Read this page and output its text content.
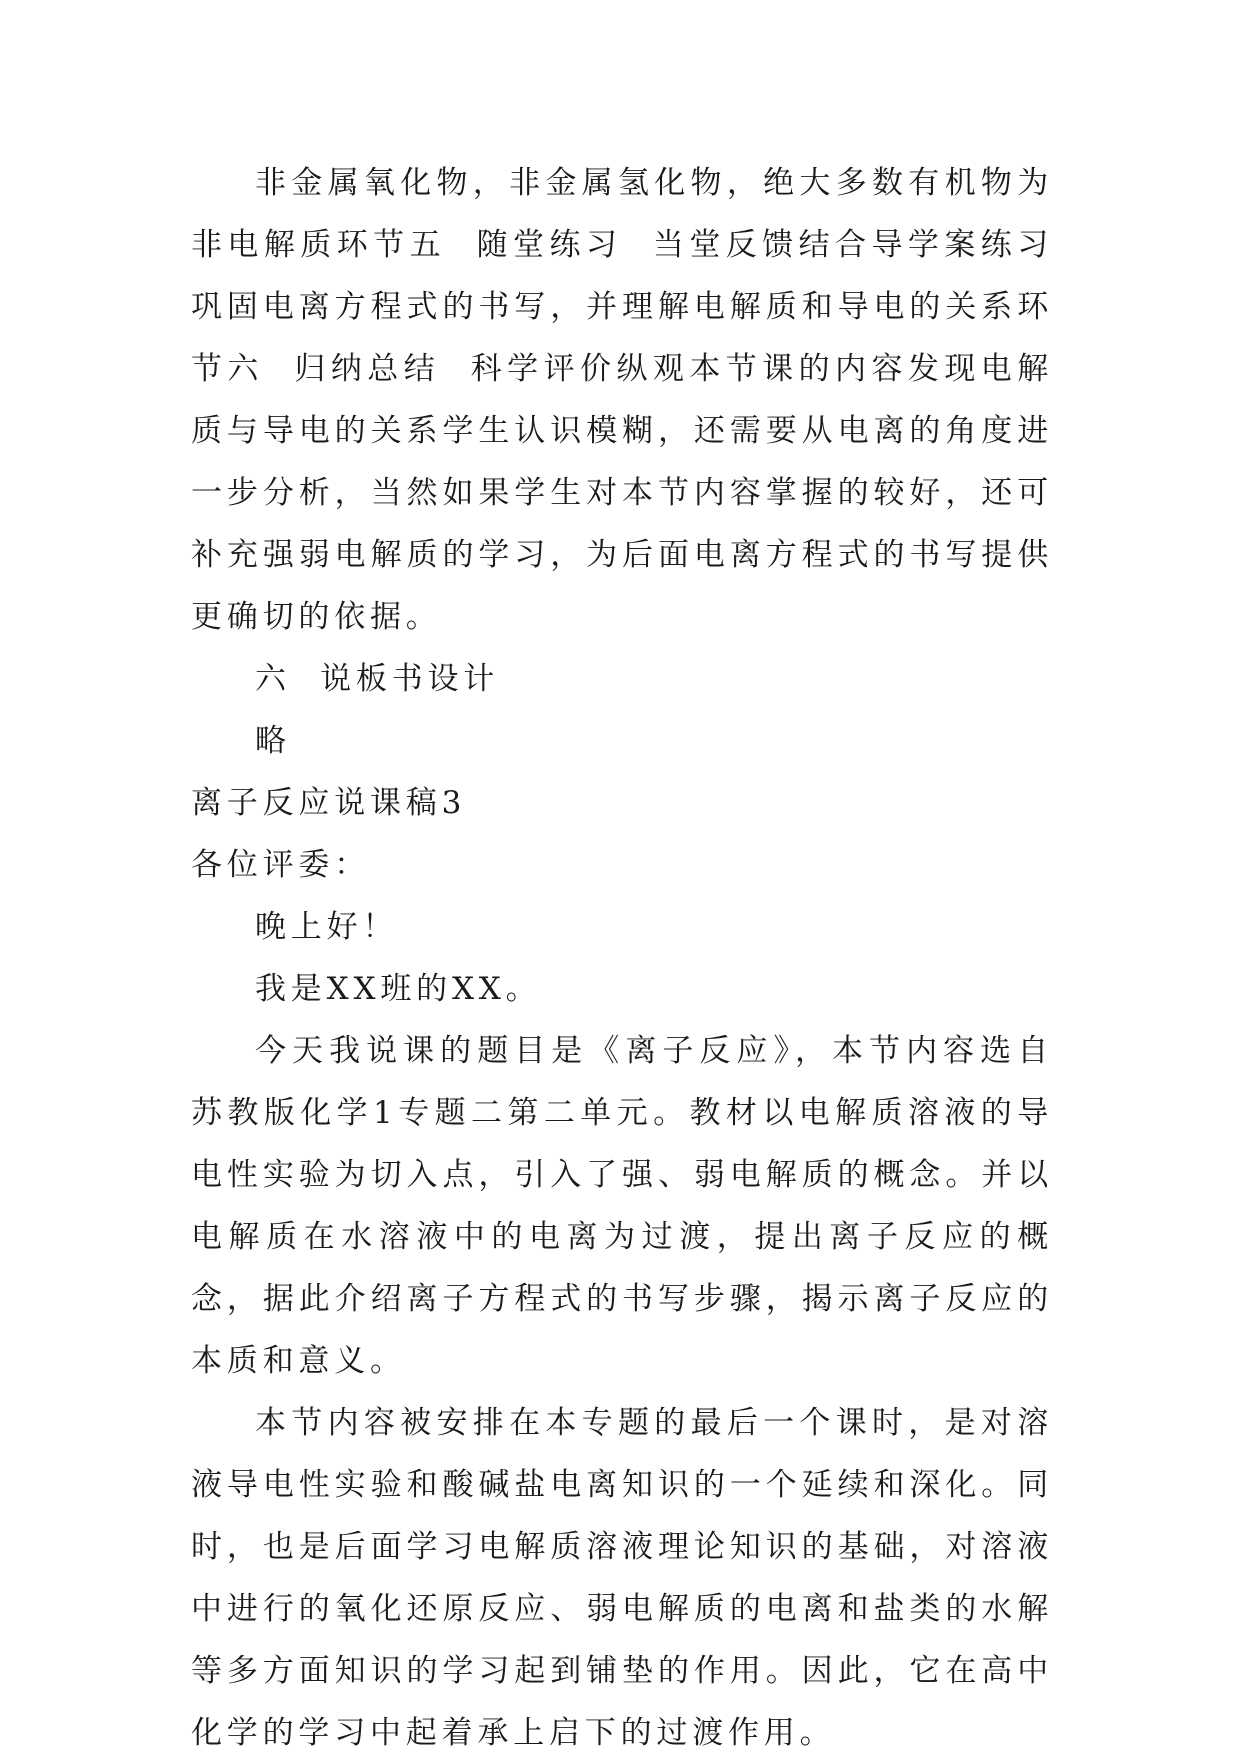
非金属氧化物，非金属氢化物，绝大多数有机物为非电解质环节五  随堂练习  当堂反馈结合导学案练习巩固电离方程式的书写，并理解电解质和导电的关系环节六  归纳总结  科学评价纵观本节课的内容发现电解质与导电的关系学生认识模糊，还需要从电离的角度进一步分析，当然如果学生对本节内容掌握的较好，还可补充强弱电解质的学习，为后面电离方程式的书写提供更确切的依据。

六  说板书设计

略

离子反应说课稿3

各位评委：

晚上好！

我是XX班的XX。

今天我说课的题目是《离子反应》，本节内容选自苏教版化学1专题二第二单元。教材以电解质溶液的导电性实验为切入点，引入了强、弱电解质的概念。并以电解质在水溶液中的电离为过渡，提出离子反应的概念，据此介绍离子方程式的书写步骤，揭示离子反应的本质和意义。

本节内容被安排在本专题的最后一个课时，是对溶液导电性实验和酸碱盐电离知识的一个延续和深化。同时，也是后面学习电解质溶液理论知识的基础，对溶液中进行的氧化还原反应、弱电解质的电离和盐类的水解等多方面知识的学习起到铺垫的作用。因此，它在高中化学的学习中起着承上启下的过渡作用。
